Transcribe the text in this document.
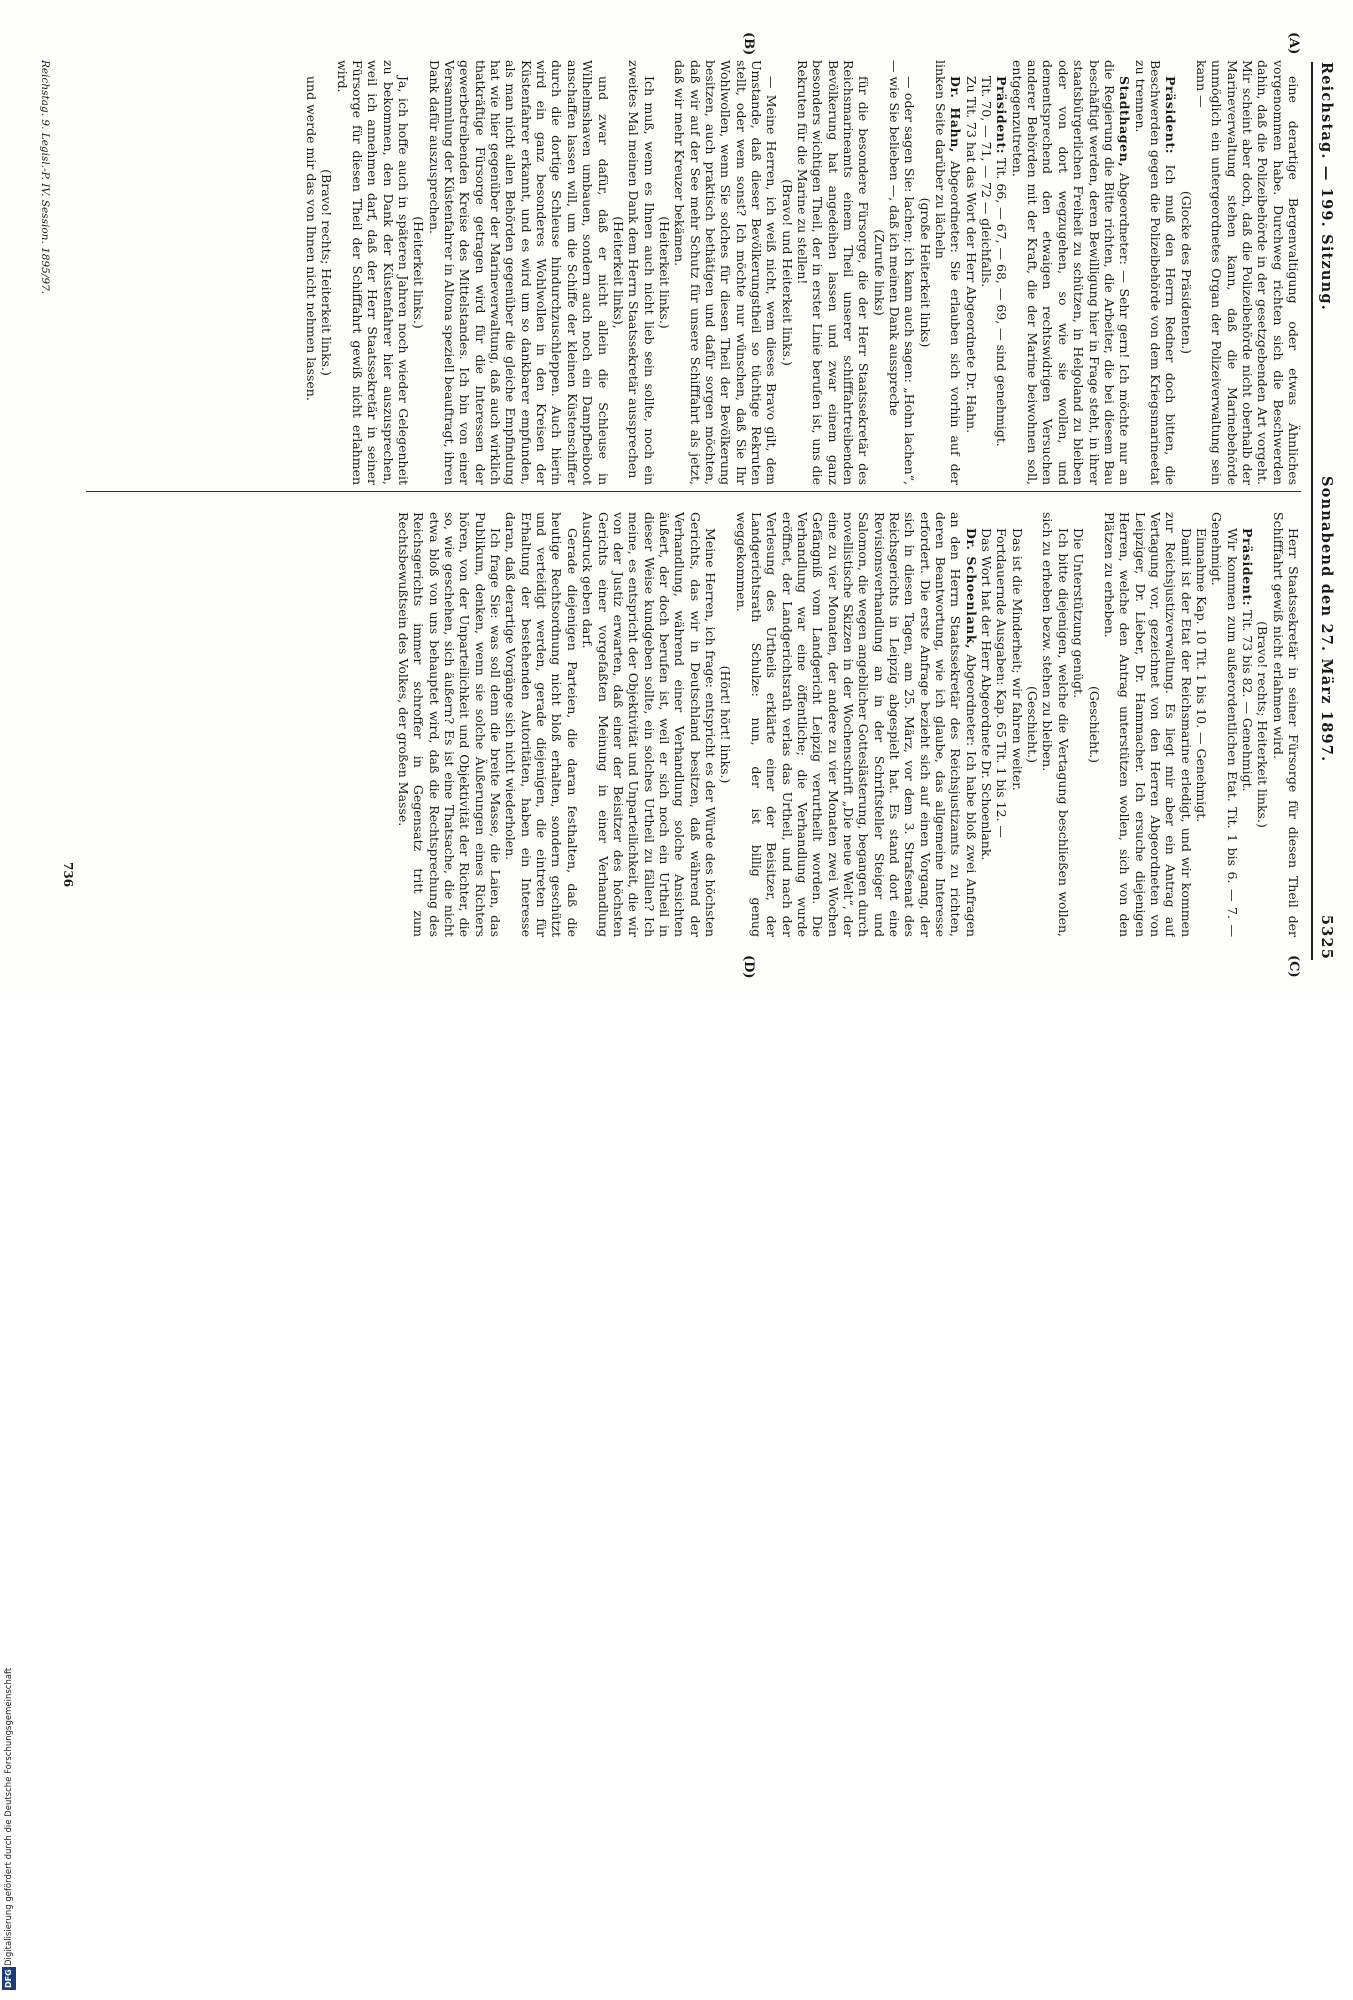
Reichstag. — 199. Sitzung.
Sonnabend den 27. März 1897.  5325
(A)
(B)
(C)
(D)

eine derartige Bergenvaltigung oder etwas Ähnliches vorgenommen habe. Durchweg richten sich die Beschwerden dahin, daß die Polizeibehörde in der gesetzgebenden Art vorgeht. Mir scheint aber doch, daß die Polizeibehörde nicht oberhalb der Marineverwaltung stehen kann, daß die Marinebehörde unmöglich ein untergeordnetes Organ der Polizeiverwaltung sein kann —

(Glocke des Präsidenten.)

Präsident: Ich muß den Herrn Redner doch bitten, die Beschwerden gegen die Polizeibehörde von dem Kriegsmarineetat zu trennen.

Stadthagen, Abgeordneter: — Sehr gern! Ich möchte nur an die Regierung die Bitte richten, die Arbeiter, die bei diesem Bau beschäftigt werden, deren Bewilligung hier in Frage steht, in ihrer staatsbürgerlichen Freiheit zu schützen, in Helgoland zu bleiben oder von dort wegzugehen, so wie sie wollen, und dementsprechend den etwaigen rechtswidrigen Versuchen anderer Behörden mit der Kraft, die der Marine beiwohnen soll, entgegenzutreten.

Präsident: Tit. 66, — 67, — 68, — 69, — sind genehmigt.

Tit. 70, — 71, — 72 — gleichfalls.

Zu Tit. 73 hat das Wort der Herr Abgeordnete Dr. Hahn.

Dr. Hahn, Abgeordneter: Sie erlauben sich vorhin auf der linken Seite darüber zu lächeln

(große Heiterkeit links)

— oder sagen Sie: lachen; ich kann auch sagen: „Hohn lachen“, — wie Sie belieben —, daß ich meinen Dank ausspreche

(Zurufe links)

für die besondere Fürsorge, die der Herr Staatssekretär des Reichsmarineamts einem Theil unserer schifffahrtreibenden Bevölkerung hat angedeihen lassen und zwar einem ganz besonders wichtigen Theil, der in erster Linie berufen ist, uns die Rekruten für die Marine zu stellen!

(Bravo! und Heiterkeit links.)

— Meine Herren, ich weiß nicht, wem dieses Bravo gilt, dem Umstande, daß dieser Bevölkerungstheil so tüchtige Rekruten stellt, oder wem sonst? Ich möchte nur wünschen, daß Sie Ihr Wohlwollen, wenn Sie solches für diesen Theil der Bevölkerung besitzen, auch praktisch bethätigen und dafür sorgen möchten, daß wir auf der See mehr Schutz für unsere Schifffahrt als jetzt, daß wir mehr Kreuzer bekämen.

(Heiterkeit links.)

Ich muß, wenn es Ihnen auch nicht lieb sein sollte, noch ein zweites Mal meinen Dank dem Herrn Staatssekretär aussprechen

(Heiterkeit links),

und zwar dafür, daß er nicht allein die Schleuse in Wilhelmshaven umbauen, sondern auch noch ein Dampfbeiboot anschaffen lassen will, um die Schiffe der kleinen Küstenschiffer durch die dortige Schleuse hindurchzuschleppen. Auch hierin wird ein ganz besonderes Wohlwollen in den Kreisen der Küstenfahrer erkannt, und es wird um so dankbarer empfunden, als man nicht allen Behörden gegenüber die gleiche Empfindung hat wie hier gegenüber der Marineverwaltung, daß auch wirklich thatkräftige Fürsorge getragen wird für die Interessen der gewerbetreibenden Kreise des Mittelstandes. Ich bin von einer Versammlung der Küstenfahrer in Altona speziell beauftragt, ihren Dank dafür auszusprechen.

(Heiterkeit links.)

Ja, ich hoffe auch in späteren Jahren noch wieder Gelegenheit zu bekommen, den Dank der Küstenfahrer hier auszusprechen, weil ich annehmen darf, daß der Herr Staatssekretär in seiner Fürsorge für diesen Theil der Schifffahrt gewiß nicht erlahmen wird.

(Bravo! rechts; Heiterkeit links.)

und werde mir das von Ihnen nicht nehmen lassen.

Herr Staatssekretär in seiner Fürsorge für diesen Theil der Schifffahrt gewiß nicht erlahmen wird.

(Bravo! rechts; Heiterkeit links.)

Präsident: Tit. 73 bis 82. — Genehmigt.

Wir kommen zum außerordentlichen Etat. Tit. 1 bis 6. — 7. — Genehmigt.

Einnahme Kap. 10 Tit. 1 bis 10. — Genehmigt.

Damit ist der Etat der Reichsmarine erledigt, und wir kommen zur Reichsjustizverwaltung. Es liegt mir aber ein Antrag auf Vertagung vor, gezeichnet von den Herren Abgeordneten von Leipziger, Dr. Lieber, Dr. Hammacher. Ich ersuche diejenigen Herren, welche den Antrag unterstützen wollen, sich von den Plätzen zu erheben.

(Geschieht.)

Die Unterstützung genügt.

Ich bitte diejenigen, welche die Vertagung beschließen wollen, sich zu erheben bezw. stehen zu bleiben.

(Geschieht.)

Das ist die Minderheit; wir fahren weiter.

Fortdauernde Ausgaben: Kap. 65 Tit. 1 bis 12. —

Das Wort hat der Herr Abgeordnete Dr. Schoenlank.

Dr. Schoenlank, Abgeordneter: Ich habe bloß zwei Anfragen an den Herrn Staatssekretär des Reichsjustizamts zu richten, deren Beantwortung, wie ich glaube, das allgemeine Interesse erfordert. Die erste Anfrage bezieht sich auf einen Vorgang, der sich in diesen Tagen, am 25. März, vor dem 3. Strafsenat des Reichsgerichts in Leipzig abgespielt hat. Es stand dort eine Revisionsverhandlung an in der Schriftsteller Steiger und Salomon, die wegen angeblicher Gotteslästerung, begangen durch novellistische Skizzen in der Wochenschrift „Die neue Welt“, der eine zu vier Monaten, der andere zu vier Monaten zwei Wochen Gefängniß vom Landgericht Leipzig verurtheilt worden. Die Verhandlung war eine öffentliche; die Verhandlung wurde eröffnet, der Landgerichtsrath verlas das Urtheil, und nach der Verlesung des Urtheils erklärte einer der Beisitzer, der Landgerichtsrath Schulze: nun, der ist billig genug weggekommen.

(Hört! hört! links.)

Meine Herren, ich frage: entspricht es der Würde des höchsten Gerichts, das wir in Deutschland besitzen, daß während der Verhandlung, während einer Verhandlung solche Ansichten äußert, der doch berufen ist, weil er sich noch ein Urtheil in dieser Weise kundgeben sollte, ein solches Urtheil zu fällen? Ich meine, es entspricht der Objektivität und Unparteilichkeit, die wir von der Justiz erwarten, daß einer der Beisitzer des höchsten Gerichts einer vorgefaßten Meinung in einer Verhandlung Ausdruck geben darf.

Gerade diejenigen Parteien, die daran festhalten, daß die heutige Rechtsordnung nicht bloß erhalten, sondern geschützt und verteidigt werden, gerade diejenigen, die eintreten für Erhaltung der bestehenden Autoritäten, haben ein Interesse daran, daß derartige Vorgänge sich nicht wiederholen.

Ich frage Sie: was soll denn die breite Masse, die Laien, das Publikum, denken, wenn sie solche Äußerungen eines Richters hören, von der Unparteilichkeit und Objektivität der Richter, die so, wie geschehen, sich äußern? Es ist eine Thatsache, die nicht etwa bloß von uns behauptet wird, daß die Rechtsprechung des Reichsgerichts immer schroffer in Gegensatz tritt zum Rechtsbewußtsein des Volkes, der großen Masse.

736
Reichstag. 9. Legisl.-P. IV. Session. 1895/97.
DFG
Digitalisierung gefördert durch die Deutsche Forschungsgemeinschaft
